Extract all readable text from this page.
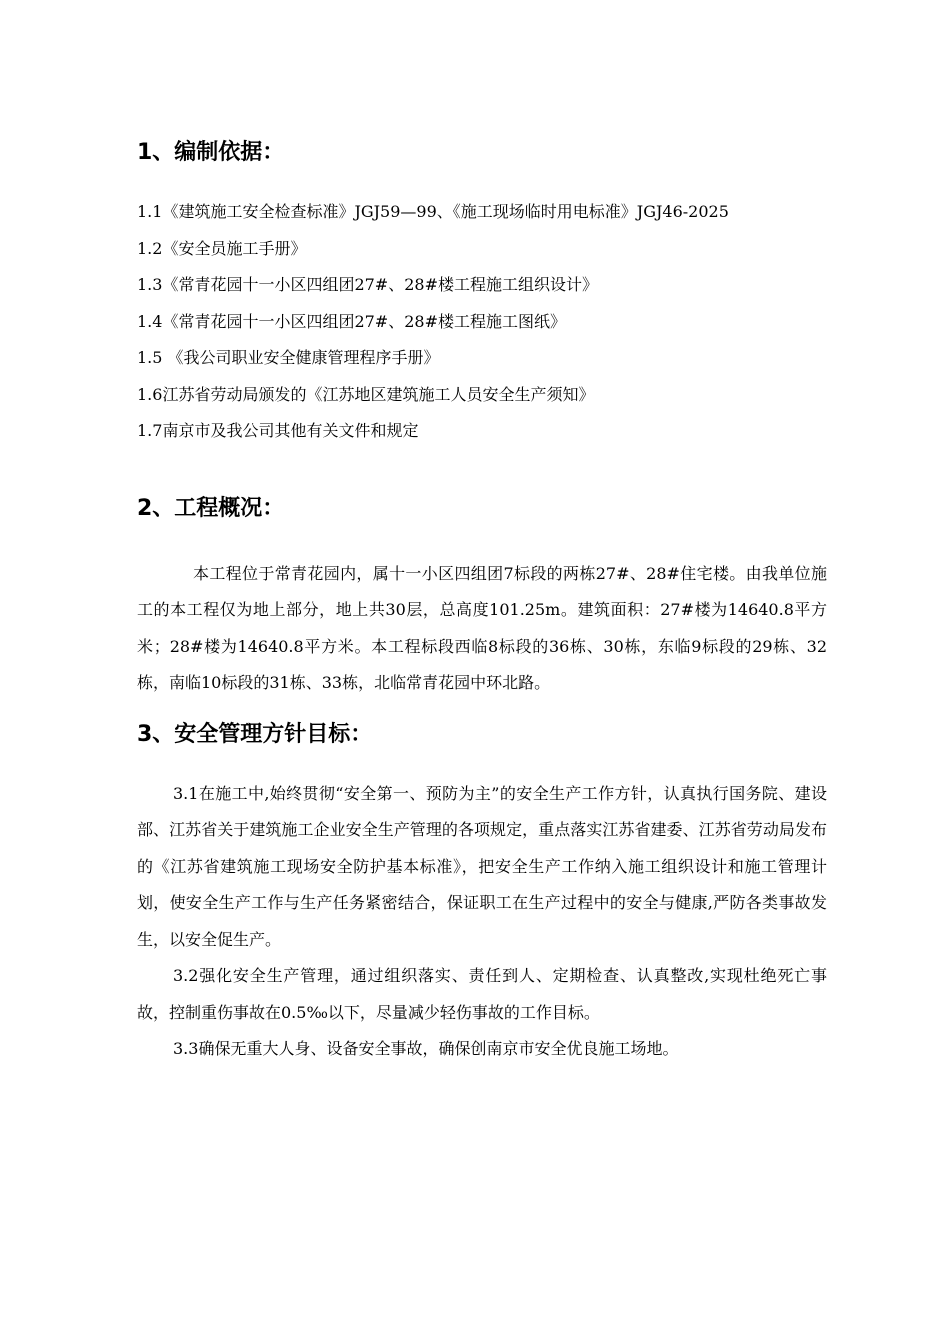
1、编制依据：

1.1《建筑施工安全检查标准》JGJ59—99、《施工现场临时用电标准》JGJ46-2025

1.2《安全员施工手册》

1.3《常青花园十一小区四组团27#、28#楼工程施工组织设计》

1.4《常青花园十一小区四组团27#、28#楼工程施工图纸》

1.5 《我公司职业安全健康管理程序手册》

1.6江苏省劳动局颁发的《江苏地区建筑施工人员安全生产须知》

1.7南京市及我公司其他有关文件和规定

2、工程概况：

本工程位于常青花园内，属十一小区四组团7标段的两栋27#、28#住宅楼。由我单位施工的本工程仅为地上部分，地上共30层，总高度101.25m。建筑面积：27#楼为14640.8平方米；28#楼为14640.8平方米。本工程标段西临8标段的36栋、30栋，东临9标段的29栋、32栋，南临10标段的31栋、33栋，北临常青花园中环北路。

3、安全管理方针目标：

3.1在施工中,始终贯彻“安全第一、预防为主”的安全生产工作方针，认真执行国务院、建设部、江苏省关于建筑施工企业安全生产管理的各项规定，重点落实江苏省建委、江苏省劳动局发布的《江苏省建筑施工现场安全防护基本标准》，把安全生产工作纳入施工组织设计和施工管理计划，使安全生产工作与生产任务紧密结合，保证职工在生产过程中的安全与健康,严防各类事故发生，以安全促生产。

3.2强化安全生产管理，通过组织落实、责任到人、定期检查、认真整改,实现杜绝死亡事故，控制重伤事故在0.5‰以下，尽量减少轻伤事故的工作目标。

3.3确保无重大人身、设备安全事故，确保创南京市安全优良施工场地。
